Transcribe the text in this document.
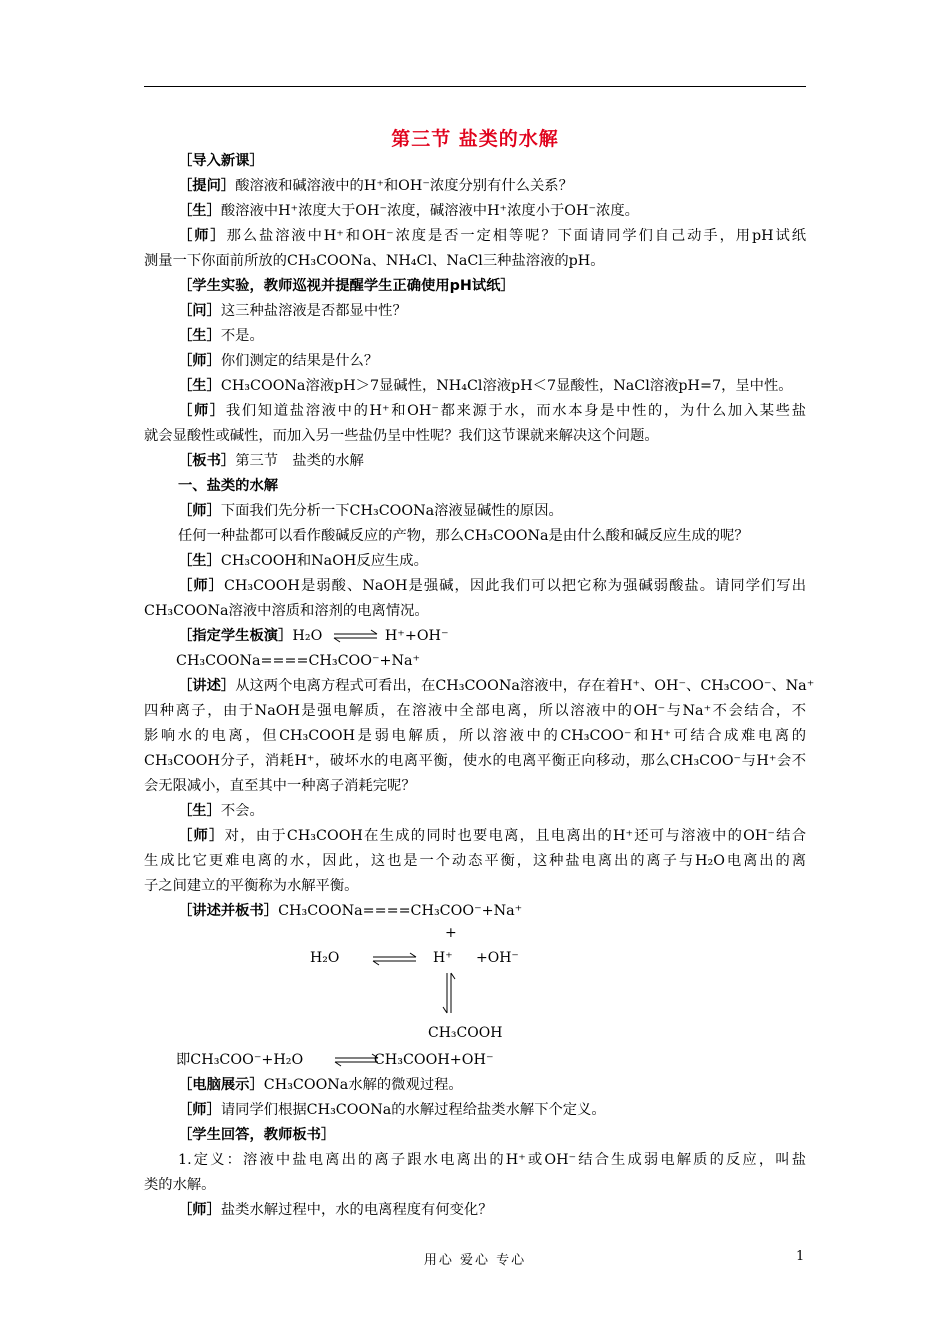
第三节 盐类的水解
［导入新课］
［提问］酸溶液和碱溶液中的H⁺和OH⁻浓度分别有什么关系？
［生］酸溶液中H⁺浓度大于OH⁻浓度，碱溶液中H⁺浓度小于OH⁻浓度。
［师］那么盐溶液中H⁺和OH⁻浓度是否一定相等呢？下面请同学们自己动手，用pH试纸
测量一下你面前所放的CH₃COONa、NH₄Cl、NaCl三种盐溶液的pH。
［学生实验，教师巡视并提醒学生正确使用pH试纸］
［问］这三种盐溶液是否都显中性？
［生］不是。
［师］你们测定的结果是什么？
［生］CH₃COONa溶液pH＞7显碱性，NH₄Cl溶液pH＜7显酸性，NaCl溶液pH=7，呈中性。
［师］我们知道盐溶液中的H⁺和OH⁻都来源于水，而水本身是中性的，为什么加入某些盐
就会显酸性或碱性，而加入另一些盐仍呈中性呢？我们这节课就来解决这个问题。
［板书］第三节　盐类的水解
一、盐类的水解
［师］下面我们先分析一下CH₃COONa溶液显碱性的原因。
任何一种盐都可以看作酸碱反应的产物，那么CH₃COONa是由什么酸和碱反应生成的呢？
［生］CH₃COOH和NaOH反应生成。
［师］CH₃COOH是弱酸、NaOH是强碱，因此我们可以把它称为强碱弱酸盐。请同学们写出
CH₃COONa溶液中溶质和溶剂的电离情况。
［指定学生板演］H₂O ⇌ H⁺+OH⁻
CH₃COONa====CH₃COO⁻+Na⁺
［讲述］从这两个电离方程式可看出，在CH₃COONa溶液中，存在着H⁺、OH⁻、CH₃COO⁻、Na⁺
四种离子，由于NaOH是强电解质，在溶液中全部电离，所以溶液中的OH⁻与Na⁺不会结合，不
影响水的电离，但CH₃COOH是弱电解质，所以溶液中的CH₃COO⁻和H⁺可结合成难电离的
CH₃COOH分子，消耗H⁺，破坏水的电离平衡，使水的电离平衡正向移动，那么CH₃COO⁻与H⁺会不
会无限减小，直至其中一种离子消耗完呢？
［生］不会。
［师］对，由于CH₃COOH在生成的同时也要电离，且电离出的H⁺还可与溶液中的OH⁻结合
生成比它更难电离的水，因此，这也是一个动态平衡，这种盐电离出的离子与H₂O电离出的离
子之间建立的平衡称为水解平衡。
［讲述并板书］CH₃COONa====CH₃COO⁻+Na⁺
+
H₂O	H⁺ +OH⁻
CH₃COOH
即CH₃COO⁻+H₂O	CH₃COOH+OH⁻
［电脑展示］CH₃COONa水解的微观过程。
［师］请同学们根据CH₃COONa的水解过程给盐类水解下个定义。
［学生回答，教师板书］
1.定义：溶液中盐电离出的离子跟水电离出的H⁺或OH⁻结合生成弱电解质的反应，叫盐
类的水解。
［师］盐类水解过程中，水的电离程度有何变化？
用心 爱心 专心	1
